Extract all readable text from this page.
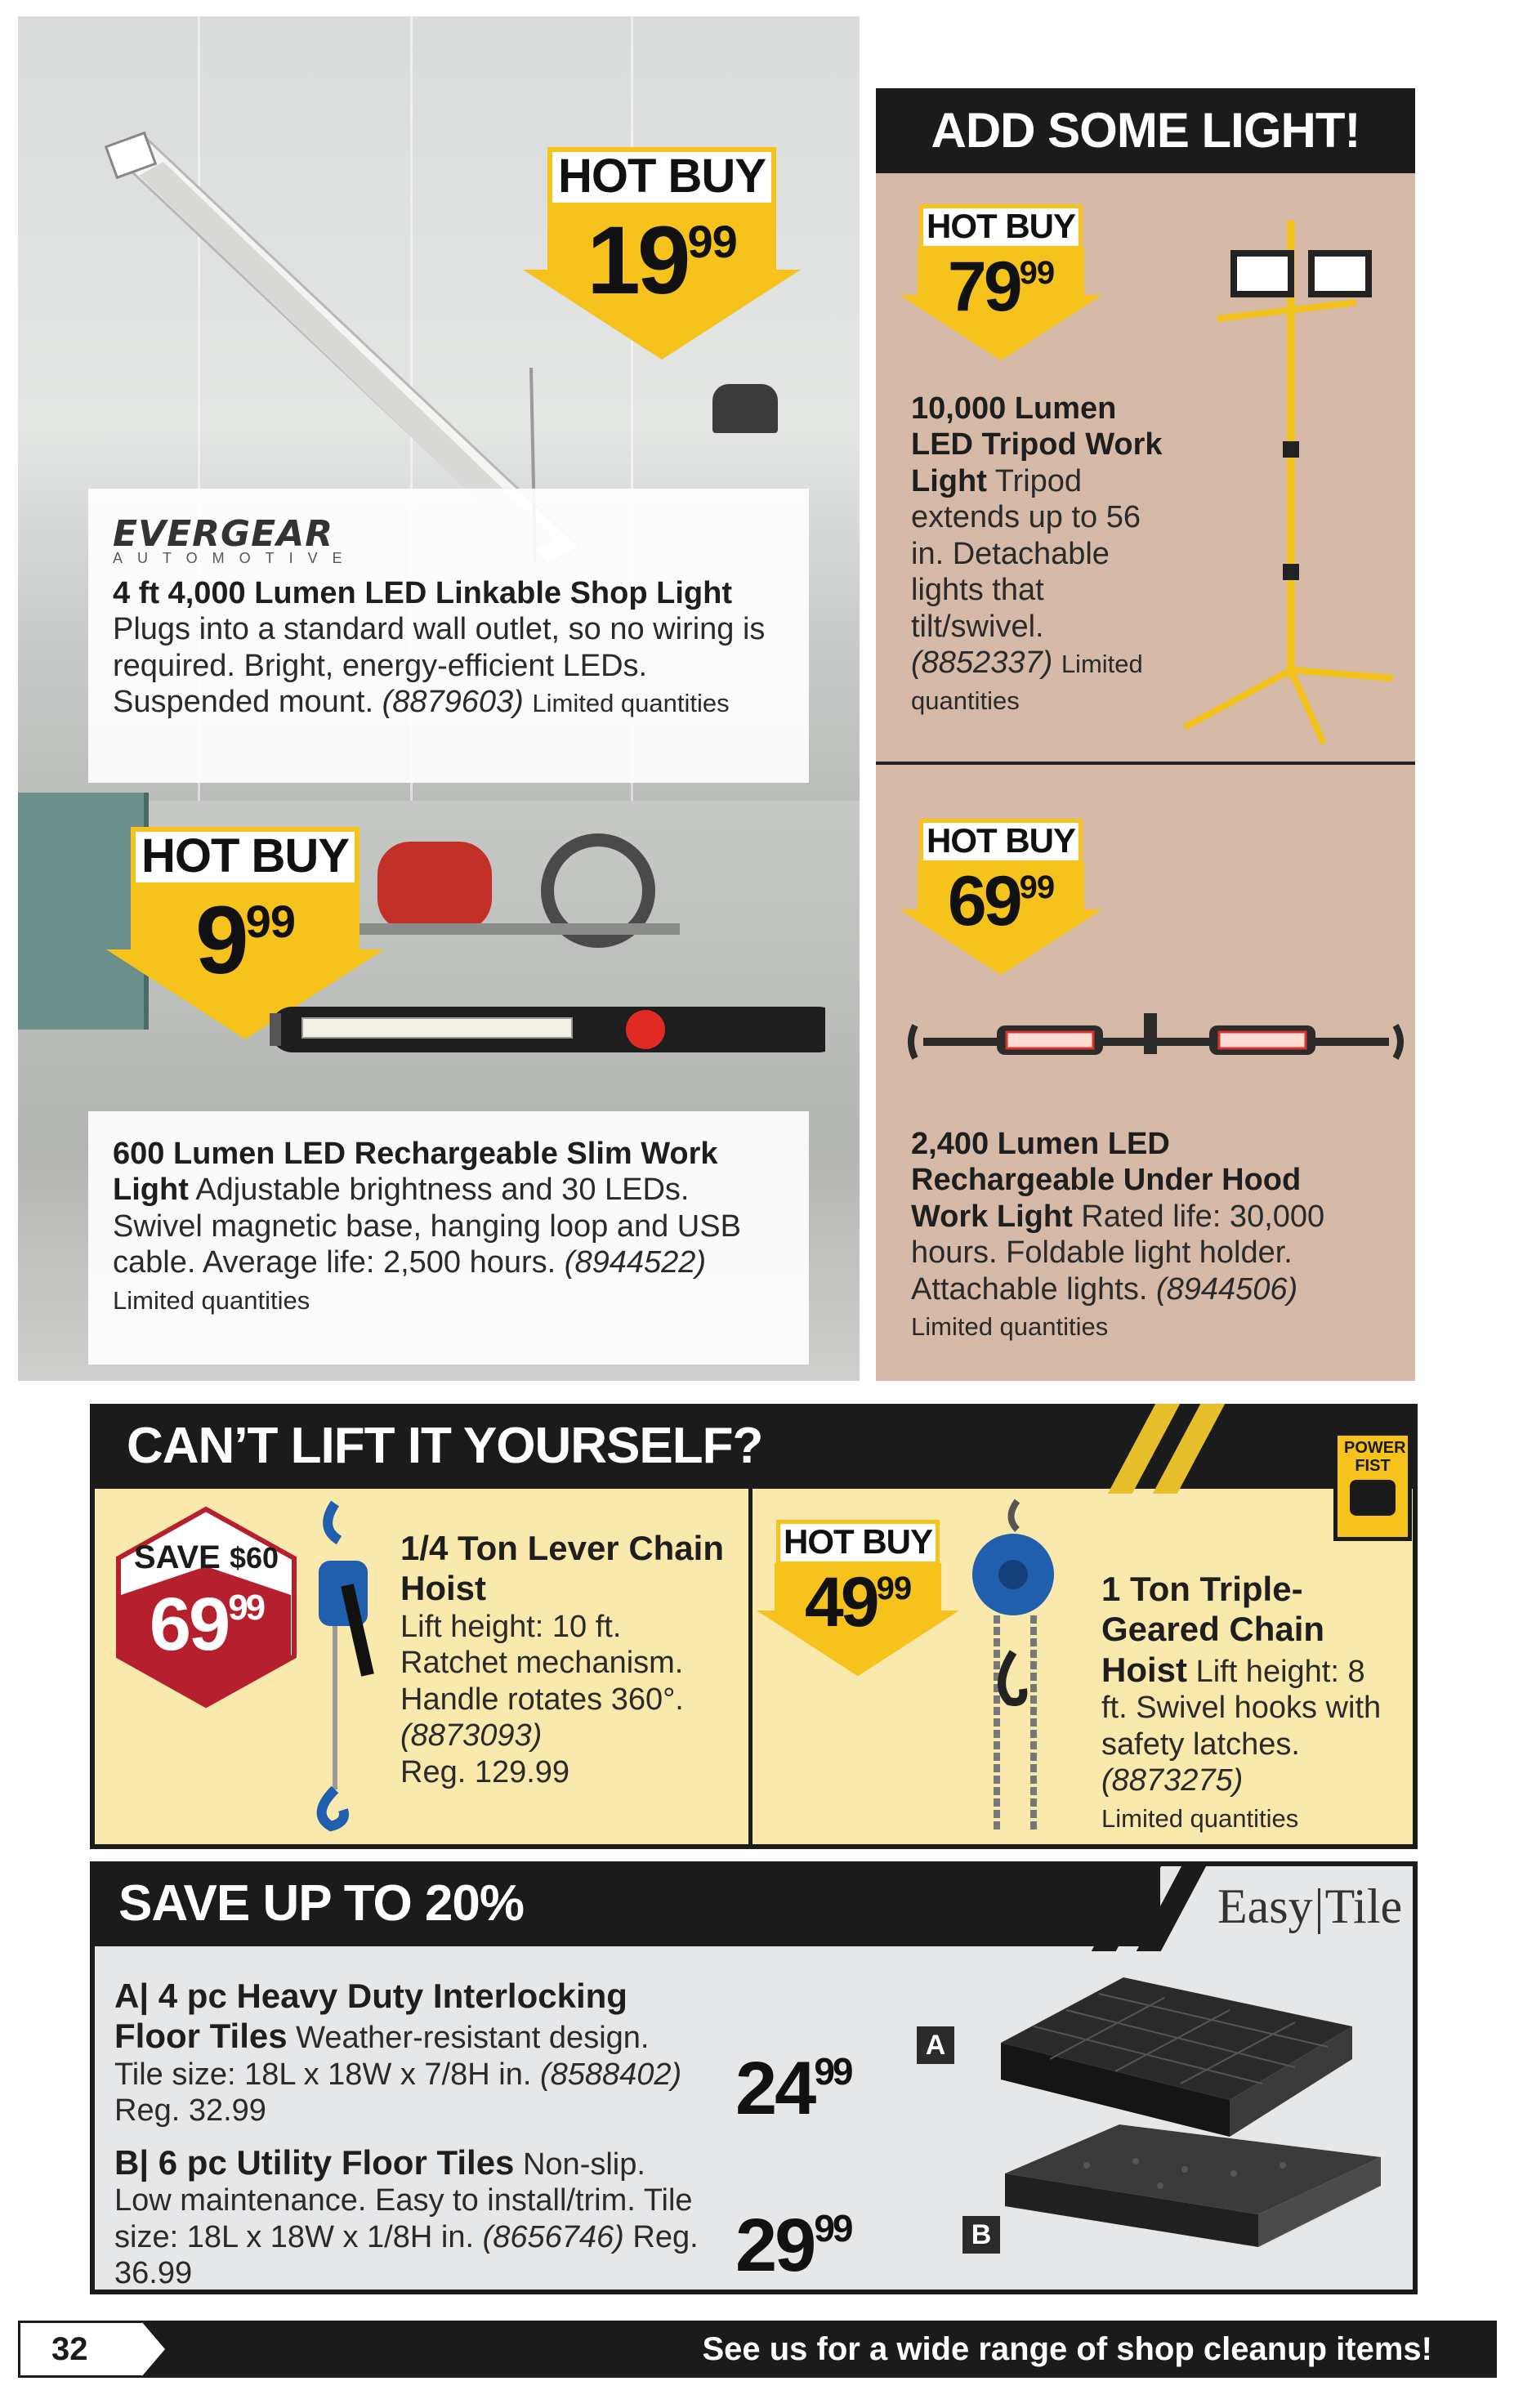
HOT BUY
$19^{99}$
EVERGEAR
AUTOMOTIVE
4 ft 4,000 Lumen LED Linkable Shop Light Plugs into a standard wall outlet, so no wiring is required. Bright, energy-efficient LEDs. Suspended mount. (8879603) Limited quantities
HOT BUY
$9^{99}$
600 Lumen LED Rechargeable Slim Work Light Adjustable brightness and 30 LEDs. Swivel magnetic base, hanging loop and USB cable. Average life: 2,500 hours. (8944522) Limited quantities
ADD SOME LIGHT!
HOT BUY
$79^{99}$
10,000 Lumen LED Tripod Work Light Tripod extends up to 56 in. Detachable lights that tilt/swivel. (8852337) Limited quantities
HOT BUY
$69^{99}$
2,400 Lumen LED Rechargeable Under Hood Work Light Rated life: 30,000 hours. Foldable light holder. Attachable lights. (8944506) Limited quantities
CAN’T LIFT IT YOURSELF?	POWER FIST
SAVE $60
$69^{99}$
1/4 Ton Lever Chain Hoist
Lift height: 10 ft. Ratchet mechanism. Handle rotates 360°. (8873093)
Reg. 129.99
HOT BUY
$49^{99}$	1 Ton Triple-Geared Chain Hoist Lift height: 8 ft. Swivel hooks with safety latches. (8873275)
Limited quantities
SAVE UP TO 20%	Easy Tile
A| 4 pc Heavy Duty Interlocking Floor Tiles Weather-resistant design. Tile size: 18L x 18W x 7/8H in. (8588402) Reg. 32.99
B| 6 pc Utility Floor Tiles Non-slip. Low maintenance. Easy to install/trim. Tile size: 18L x 18W x 1/8H in. (8656746) Reg. 36.99
$24^{99}$
$29^{99}$
A
B
32	See us for a wide range of shop cleanup items!
